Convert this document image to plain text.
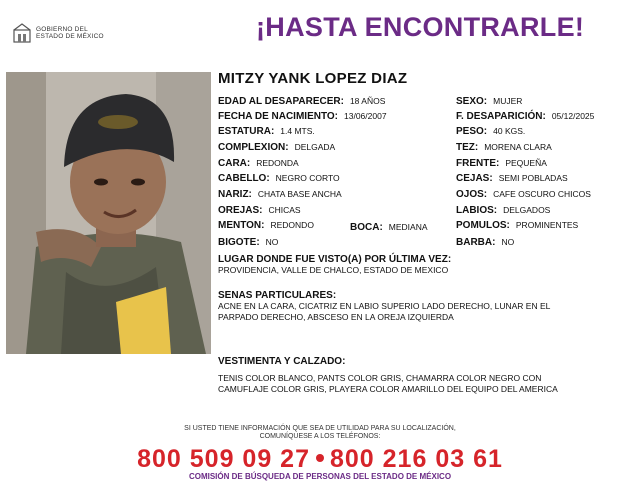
GOBIERNO DEL
ESTADO DE MÉXICO	¡HASTA ENCONTRARLE!
MITZY YANK LOPEZ DIAZ
EDAD AL DESAPARECER: 18 AÑOS
FECHA DE NACIMIENTO: 13/06/2007
ESTATURA: 1.4 MTS.
COMPLEXION: DELGADA
CARA: REDONDA
CABELLO: NEGRO CORTO
NARIZ: CHATA BASE ANCHA
OREJAS: CHICAS
MENTON: REDONDO
BIGOTE: NO
BOCA: MEDIANA
SEXO: MUJER
F. DESAPARICIÓN: 05/12/2025
PESO: 40 KGS.
TEZ: MORENA CLARA
FRENTE: PEQUEÑA
CEJAS: SEMI POBLADAS
OJOS: CAFE OSCURO CHICOS
LABIOS: DELGADOS
POMULOS: PROMINENTES
BARBA: NO
LUGAR DONDE FUE VISTO(A) POR ÚLTIMA VEZ:
PROVIDENCIA, VALLE DE CHALCO, ESTADO DE MEXICO
SENAS PARTICULARES:
ACNE EN LA CARA, CICATRIZ EN LABIO SUPERIO LADO DERECHO, LUNAR EN EL
PARPADO DERECHO, ABSCESO EN LA OREJA IZQUIERDA
VESTIMENTA Y CALZADO:
TENIS COLOR BLANCO, PANTS COLOR GRIS, CHAMARRA COLOR NEGRO CON
CAMUFLAJE COLOR GRIS, PLAYERA COLOR AMARILLO DEL EQUIPO DEL AMERICA
SI USTED TIENE INFORMACIÓN QUE SEA DE UTILIDAD PARA SU LOCALIZACIÓN,
COMUNÍQUESE A LOS TELÉFONOS:
800 509 09 27 800 216 03 61
COMISIÓN DE BÚSQUEDA DE PERSONAS DEL ESTADO DE MÉXICO
